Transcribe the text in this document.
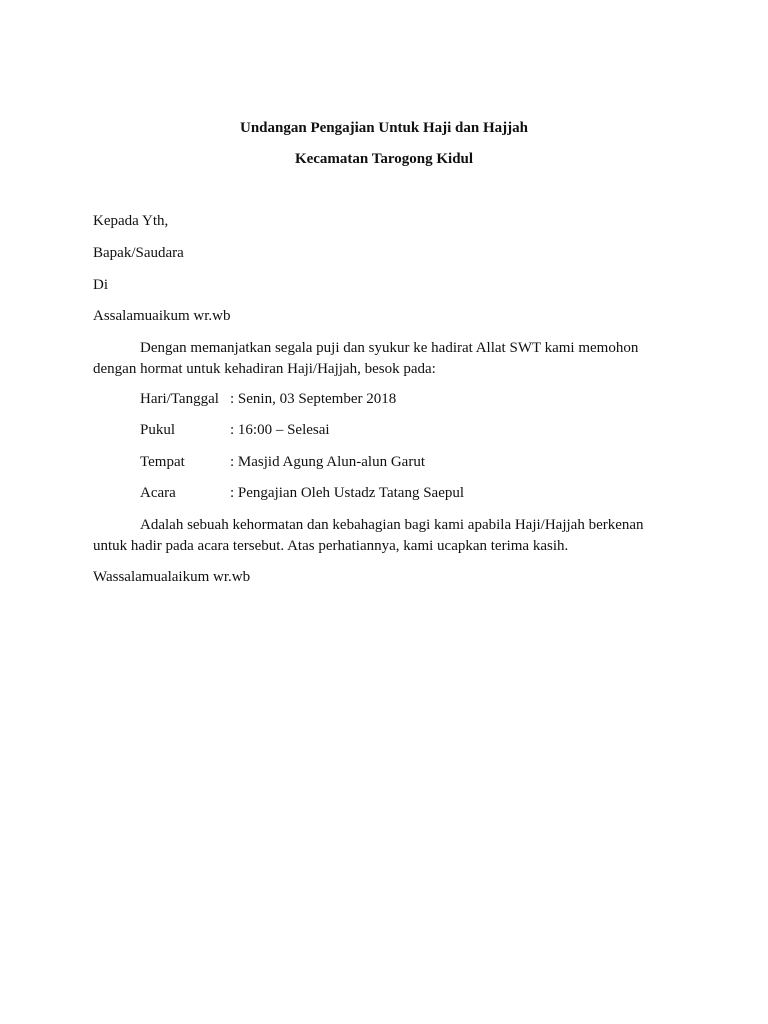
Undangan Pengajian Untuk Haji dan Hajjah
Kecamatan Tarogong Kidul
Kepada Yth,
Bapak/Saudara
Di
Assalamuaikum wr.wb
Dengan memanjatkan segala puji dan syukur ke hadirat Allat SWT kami memohon
dengan hormat untuk kehadiran Haji/Hajjah, besok pada:
Hari/Tanggal : Senin, 03 September 2018
Pukul	: 16:00 – Selesai
Tempat	: Masjid Agung Alun-alun Garut
Acara	: Pengajian Oleh Ustadz Tatang Saepul
Adalah sebuah kehormatan dan kebahagian bagi kami apabila Haji/Hajjah berkenan
untuk hadir pada acara tersebut. Atas perhatiannya, kami ucapkan terima kasih.
Wassalamualaikum wr.wb
